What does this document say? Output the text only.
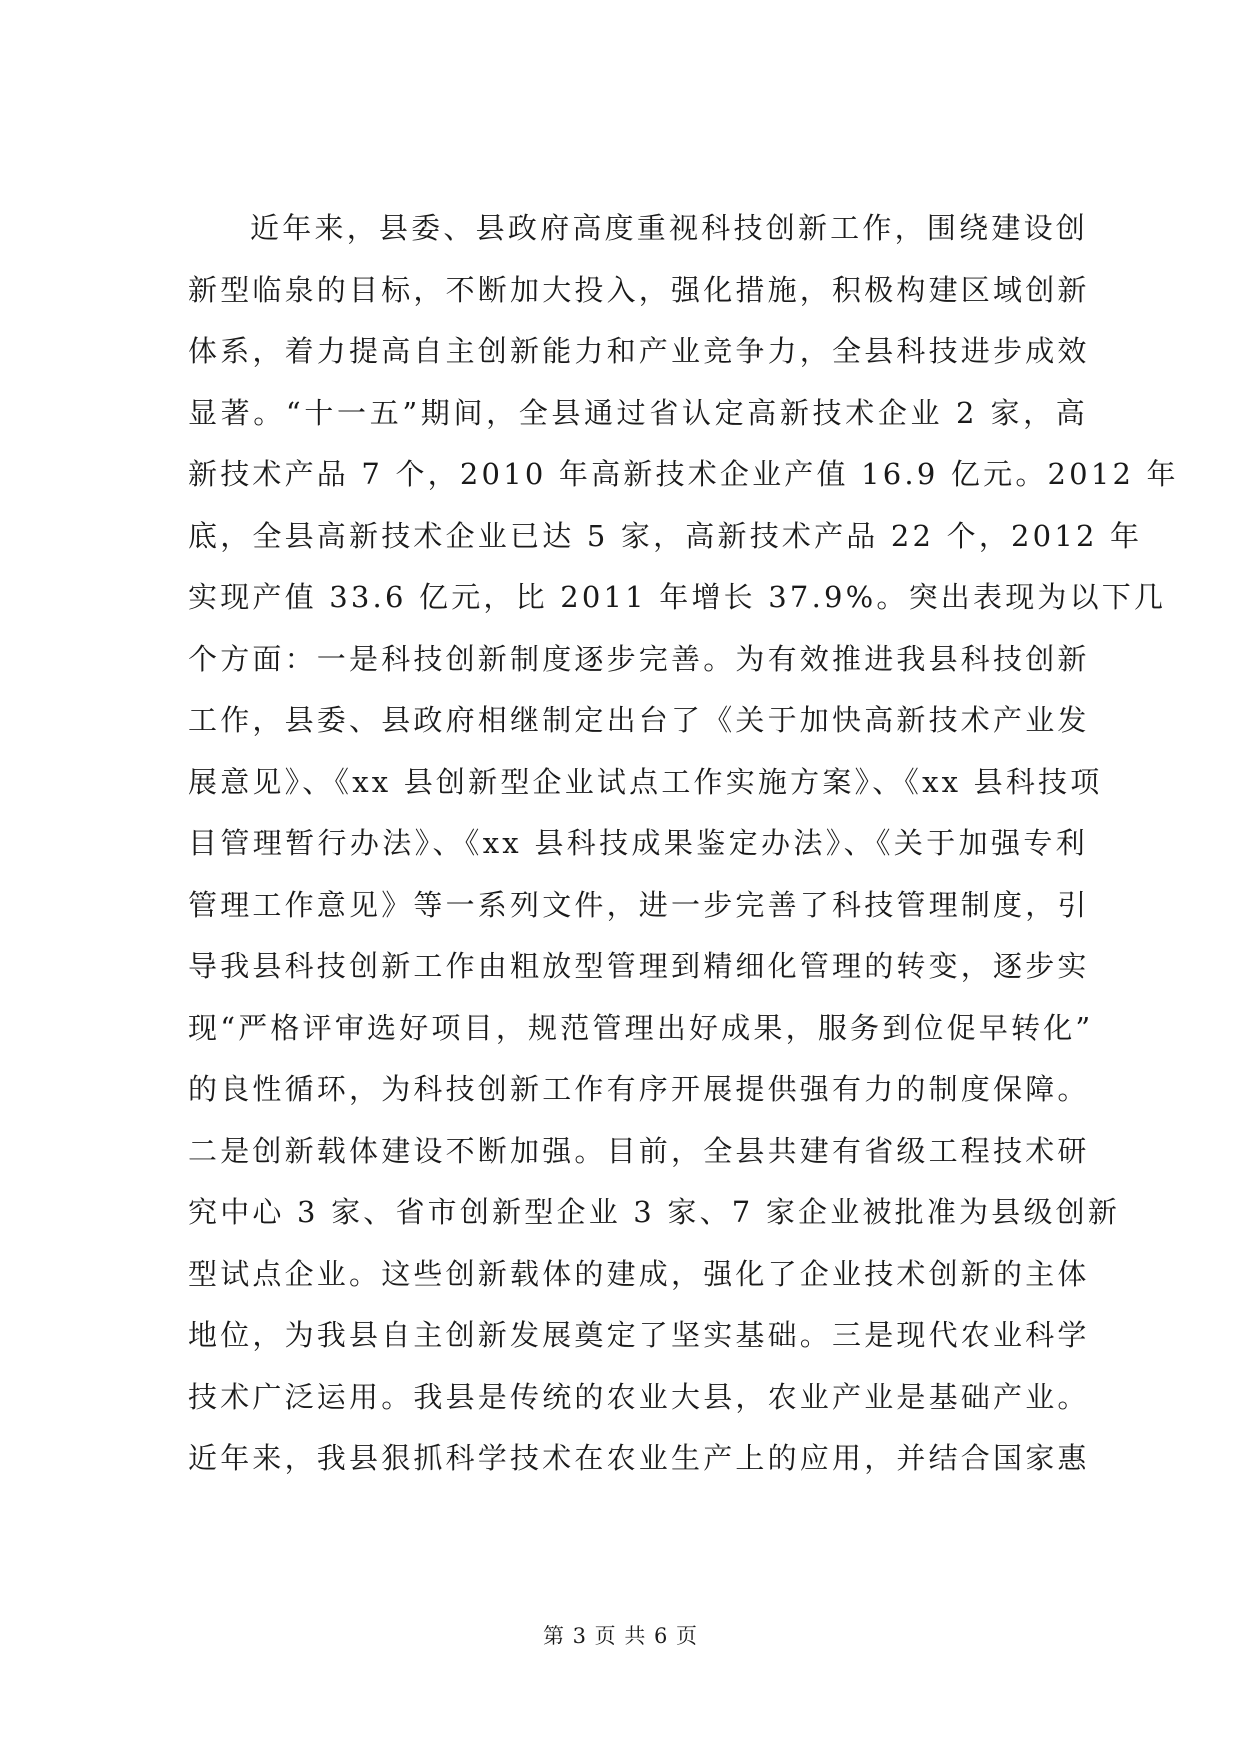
近年来，县委、县政府高度重视科技创新工作，围绕建设创
新型临泉的目标，不断加大投入，强化措施，积极构建区域创新
体系，着力提高自主创新能力和产业竞争力，全县科技进步成效
显著。“十一五”期间，全县通过省认定高新技术企业 2 家，高
新技术产品 7 个，2010 年高新技术企业产值 16.9 亿元。2012 年
底，全县高新技术企业已达 5 家，高新技术产品 22 个，2012 年
实现产值 33.6 亿元，比 2011 年增长 37.9%。突出表现为以下几
个方面：一是科技创新制度逐步完善。为有效推进我县科技创新
工作，县委、县政府相继制定出台了《关于加快高新技术产业发
展意见》、《xx 县创新型企业试点工作实施方案》、《xx 县科技项
目管理暂行办法》、《xx 县科技成果鉴定办法》、《关于加强专利
管理工作意见》等一系列文件，进一步完善了科技管理制度，引
导我县科技创新工作由粗放型管理到精细化管理的转变，逐步实
现“严格评审选好项目，规范管理出好成果，服务到位促早转化”
的良性循环，为科技创新工作有序开展提供强有力的制度保障。
二是创新载体建设不断加强。目前，全县共建有省级工程技术研
究中心 3 家、省市创新型企业 3 家、7 家企业被批准为县级创新
型试点企业。这些创新载体的建成，强化了企业技术创新的主体
地位，为我县自主创新发展奠定了坚实基础。三是现代农业科学
技术广泛运用。我县是传统的农业大县，农业产业是基础产业。
近年来，我县狠抓科学技术在农业生产上的应用，并结合国家惠
第 3 页 共 6 页
